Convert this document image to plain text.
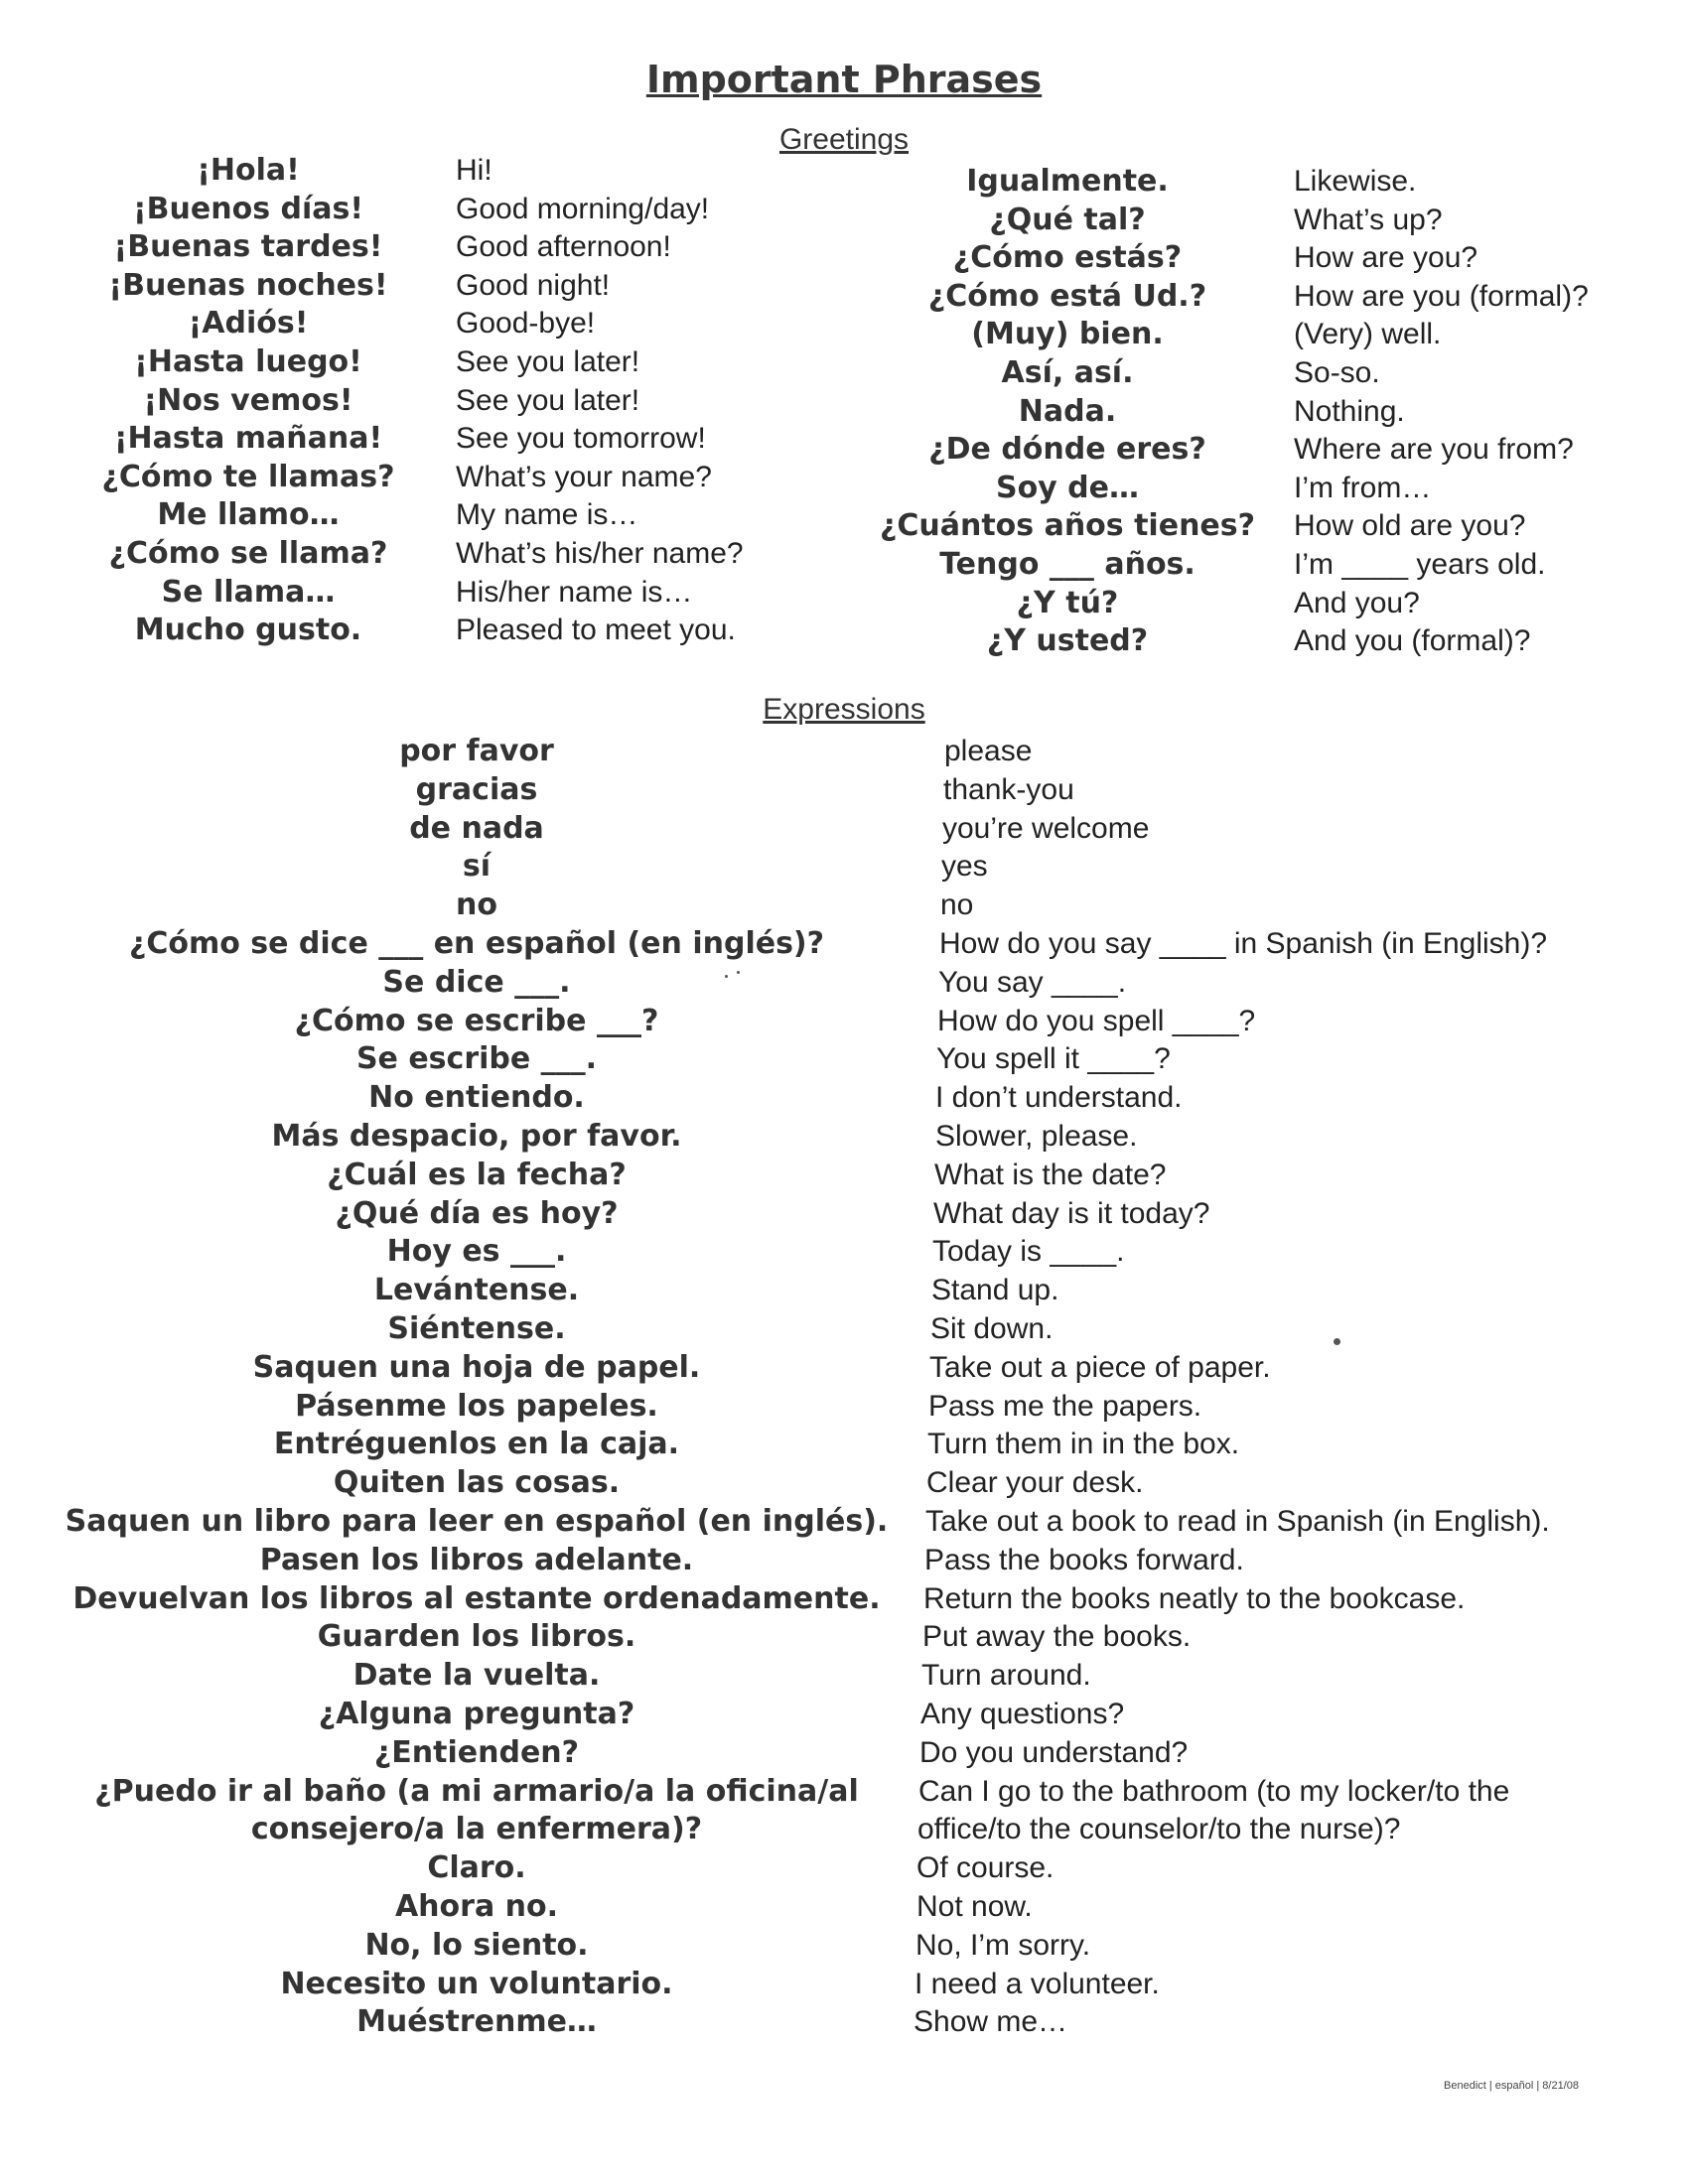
Important Phrases
Greetings
Expressions
¡Hola!	Hi!
¡Buenos días!	Good morning/day!
¡Buenas tardes!	Good afternoon!
¡Buenas noches!	Good night!
¡Adiós!	Good-bye!
¡Hasta luego!	See you later!
¡Nos vemos!	See you later!
¡Hasta mañana!	See you tomorrow!
¿Cómo te llamas?	What’s your name?
Me llamo…	My name is…
¿Cómo se llama?	What’s his/her name?
Se llama…	His/her name is…
Mucho gusto.	Pleased to meet you.
Igualmente.	Likewise.
¿Qué tal?	What’s up?
¿Cómo estás?	How are you?
¿Cómo está Ud.?	How are you (formal)?
(Muy) bien.	(Very) well.
Así, así.	So-so.
Nada.	Nothing.
¿De dónde eres?	Where are you from?
Soy de…	I’m from…
¿Cuántos años tienes?	How old are you?
Tengo ___ años.	I’m ____ years old.
¿Y tú?	And you?
¿Y usted?	And you (formal)?
por favor	please
gracias	thank-you
de nada	you’re welcome
sí	yes
no	no
¿Cómo se dice ___ en español (en inglés)?	How do you say ____ in Spanish (in English)?
Se dice ___.	You say ____.
¿Cómo se escribe ___?	How do you spell ____?
Se escribe ___.	You spell it ____?
No entiendo.	I don’t understand.
Más despacio, por favor.	Slower, please.
¿Cuál es la fecha?	What is the date?
¿Qué día es hoy?	What day is it today?
Hoy es ___.	Today is ____.
Levántense.	Stand up.
Siéntense.	Sit down.
Saquen una hoja de papel.	Take out a piece of paper.
Pásenme los papeles.	Pass me the papers.
Entréguenlos en la caja.	Turn them in in the box.
Quiten las cosas.	Clear your desk.
Saquen un libro para leer en español (en inglés).	Take out a book to read in Spanish (in English).
Pasen los libros adelante.	Pass the books forward.
Devuelvan los libros al estante ordenadamente.	Return the books neatly to the bookcase.
Guarden los libros.	Put away the books.
Date la vuelta.	Turn around.
¿Alguna pregunta?	Any questions?
¿Entienden?	Do you understand?
¿Puedo ir al baño (a mi armario/a la oficina/al	Can I go to the bathroom (to my locker/to the
consejero/a la enfermera)?	office/to the counselor/to the nurse)?
Claro.	Of course.
Ahora no.	Not now.
No, lo siento.	No, I’m sorry.
Necesito un voluntario.	I need a volunteer.
Muéstrenme…	Show me…
Benedict | español | 8/21/08
